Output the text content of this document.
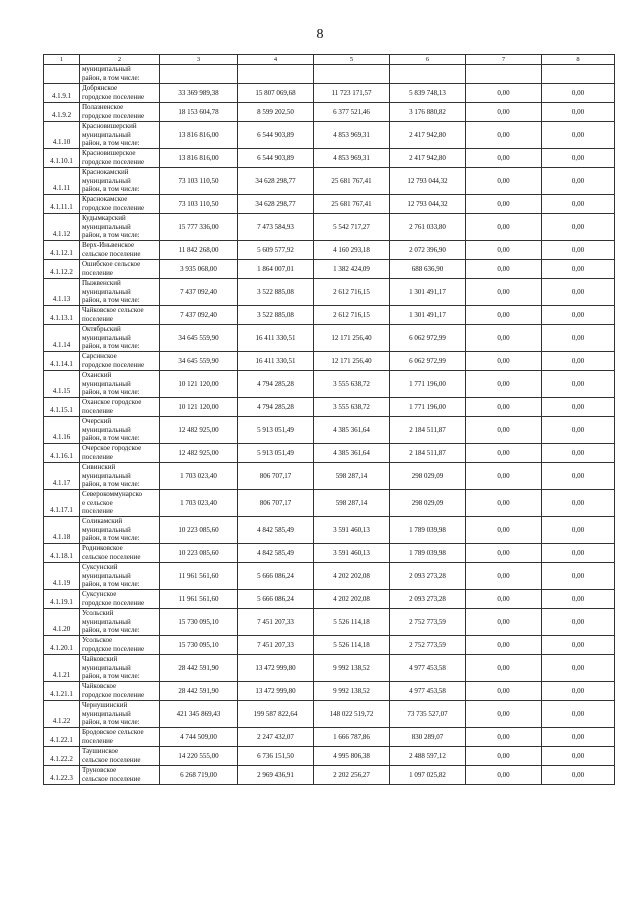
8
1	2	3	4	5	6	7	8

	муниципальный
район, в том числе:						

4.1.9.1	Добрянское
городское поселение	33 369 989,38	15 807 069,68	11 723 171,57	5 839 748,13	0,00	0,00
4.1.9.2	Полазненское
городское поселение	18 153 604,78	8 599 202,50	6 377 521,46	3 176 880,82	0,00	0,00
4.1.10	Красновишерский
муниципальный
район, в том числе:	13 816 816,00	6 544 903,89	4 853 969,31	2 417 942,80	0,00	0,00
4.1.10.1	Красновишерское
городское поселение	13 816 816,00	6 544 903,89	4 853 969,31	2 417 942,80	0,00	0,00
4.1.11	Краснокамский
муниципальный
район, в том числе:	73 103 110,50	34 628 298,77	25 681 767,41	12 793 044,32	0,00	0,00
4.1.11.1	Краснокамское
городское поселение	73 103 110,50	34 628 298,77	25 681 767,41	12 793 044,32	0,00	0,00
4.1.12	Кудымкарский
муниципальный
район, в том числе:	15 777 336,00	7 473 584,93	5 542 717,27	2 761 033,80	0,00	0,00
4.1.12.1	Верх-Иньвенское
сельское поселение	11 842 268,00	5 609 577,92	4 160 293,18	2 072 396,90	0,00	0,00
4.1.12.2	Ошибское сельское
поселение	3 935 068,00	1 864 007,01	1 382 424,09	688 636,90	0,00	0,00
4.1.13	Пыжвенский
муниципальный
район, в том числе:	7 437 092,40	3 522 885,08	2 612 716,15	1 301 491,17	0,00	0,00
4.1.13.1	Чайковское сельское
поселение	7 437 092,40	3 522 885,08	2 612 716,15	1 301 491,17	0,00	0,00
4.1.14	Октябрьский
муниципальный
район, в том числе:	34 645 559,90	16 411 330,51	12 171 256,40	6 062 972,99	0,00	0,00
4.1.14.1	Сарсинское
городское поселение	34 645 559,90	16 411 330,51	12 171 256,40	6 062 972,99	0,00	0,00
4.1.15	Оханский
муниципальный
район, в том числе:	10 121 120,00	4 794 285,28	3 555 638,72	1 771 196,00	0,00	0,00
4.1.15.1	Оханское городское
поселение	10 121 120,00	4 794 285,28	3 555 638,72	1 771 196,00	0,00	0,00
4.1.16	Очерский
муниципальный
район, в том числе:	12 482 925,00	5 913 051,49	4 385 361,64	2 184 511,87	0,00	0,00
4.1.16.1	Очерское городское
поселение	12 482 925,00	5 913 051,49	4 385 361,64	2 184 511,87	0,00	0,00
4.1.17	Сивинский
муниципальный
район, в том числе:	1 703 023,40	806 707,17	598 287,14	298 029,09	0,00	0,00
4.1.17.1	Северокоммунарско
е сельское
поселение	1 703 023,40	806 707,17	598 287,14	298 029,09	0,00	0,00
4.1.18	Соликамский
муниципальный
район, в том числе:	10 223 085,60	4 842 585,49	3 591 460,13	1 789 039,98	0,00	0,00
4.1.18.1	Родниковское
сельское поселение	10 223 085,60	4 842 585,49	3 591 460,13	1 789 039,98	0,00	0,00
4.1.19	Суксунский
муниципальный
район, в том числе:	11 961 561,60	5 666 086,24	4 202 202,08	2 093 273,28	0,00	0,00
4.1.19.1	Суксунское
городское поселение	11 961 561,60	5 666 086,24	4 202 202,08	2 093 273,28	0,00	0,00
4.1.20	Усольский
муниципальный
район, в том числе:	15 730 095,10	7 451 207,33	5 526 114,18	2 752 773,59	0,00	0,00
4.1.20.1	Усольское
городское поселение	15 730 095,10	7 451 207,33	5 526 114,18	2 752 773,59	0,00	0,00
4.1.21	Чайковский
муниципальный
район, в том числе:	28 442 591,90	13 472 999,80	9 992 138,52	4 977 453,58	0,00	0,00
4.1.21.1	Чайковское
городское поселение	28 442 591,90	13 472 999,80	9 992 138,52	4 977 453,58	0,00	0,00
4.1.22	Чернушинский
муниципальный
район, в том числе:	421 345 869,43	199 587 822,64	148 022 519,72	73 735 527,07	0,00	0,00
4.1.22.1	Бродовское сельское
поселение	4 744 509,00	2 247 432,07	1 666 787,86	830 289,07	0,00	0,00
4.1.22.2	Таушинское
сельское поселение	14 220 555,00	6 736 151,50	4 995 806,38	2 488 597,12	0,00	0,00
4.1.22.3	Труновское
сельское поселение	6 268 719,00	2 969 436,91	2 202 256,27	1 097 025,82	0,00	0,00
